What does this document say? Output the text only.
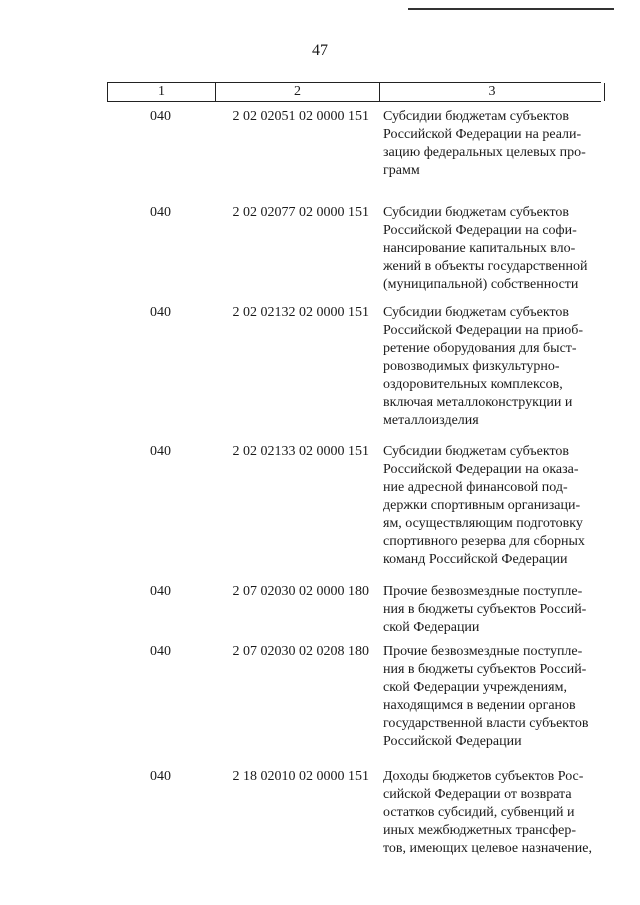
47
1	2	3
040	2 02 02051 02 0000 151	Субсидии бюджетам субъектов
Российской Федерации на реали-
зацию федеральных целевых про-
грамм
040	2 02 02077 02 0000 151	Субсидии бюджетам субъектов
Российской Федерации на софи-
нансирование капитальных вло-
жений в объекты государственной
(муниципальной) собственности
040	2 02 02132 02 0000 151	Субсидии бюджетам субъектов
Российской Федерации на приоб-
ретение оборудования для быст-
ровозводимых физкультурно-
оздоровительных комплексов,
включая металлоконструкции и
металлоизделия
040	2 02 02133 02 0000 151	Субсидии бюджетам субъектов
Российской Федерации на оказа-
ние адресной финансовой под-
держки спортивным организаци-
ям, осуществляющим подготовку
спортивного резерва для сборных
команд Российской Федерации
040	2 07 02030 02 0000 180	Прочие безвозмездные поступле-
ния в бюджеты субъектов Россий-
ской Федерации
040	2 07 02030 02 0208 180	Прочие безвозмездные поступле-
ния в бюджеты субъектов Россий-
ской Федерации учреждениям,
находящимся в ведении органов
государственной власти субъектов
Российской Федерации
040	2 18 02010 02 0000 151	Доходы бюджетов субъектов Рос-
сийской Федерации от возврата
остатков субсидий, субвенций и
иных межбюджетных трансфер-
тов, имеющих целевое назначение,
